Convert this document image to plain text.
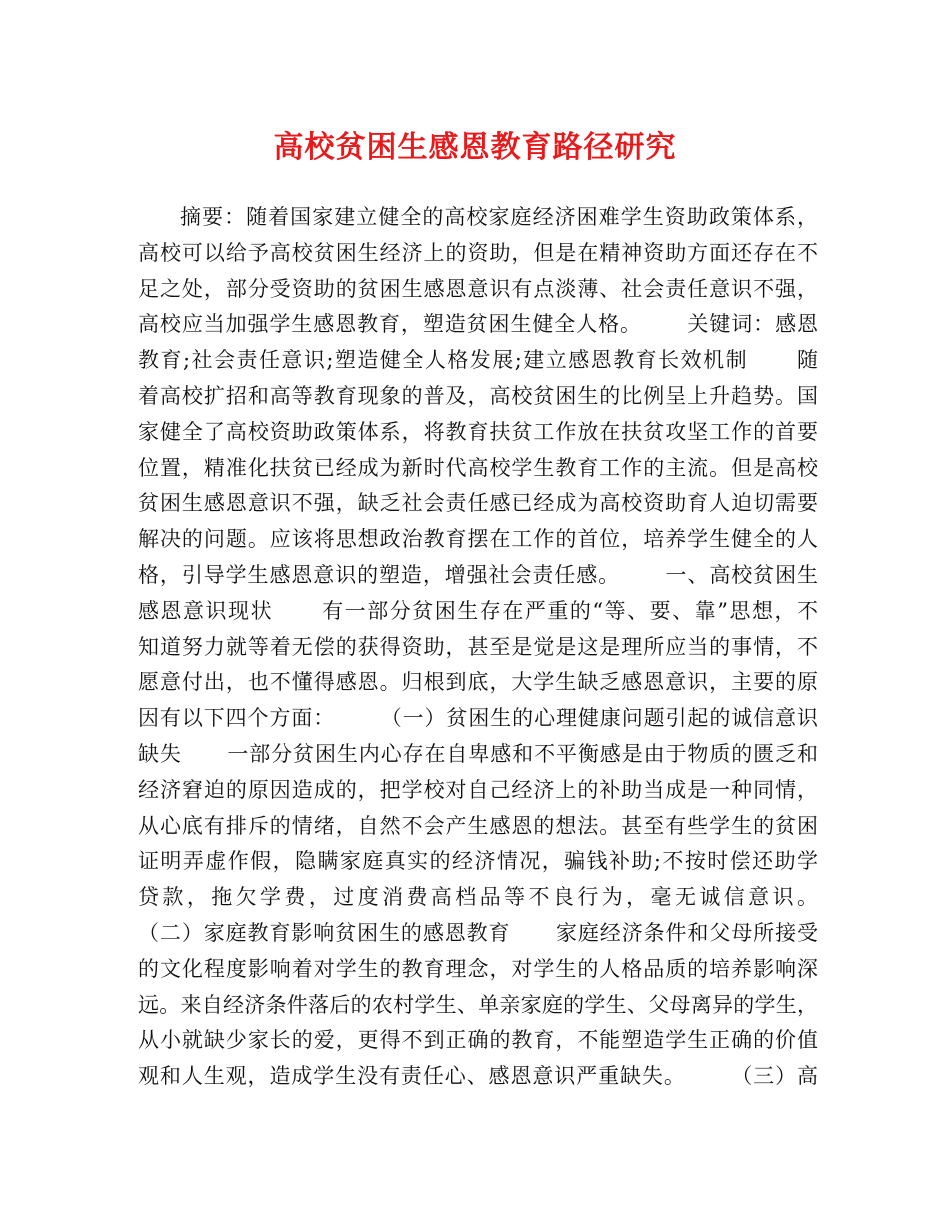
高校贫困生感恩教育路径研究
摘要：随着国家建立健全的高校家庭经济困难学生资助政策体系，
高校可以给予高校贫困生经济上的资助，但是在精神资助方面还存在不
足之处，部分受资助的贫困生感恩意识有点淡薄、社会责任意识不强，
高校应当加强学生感恩教育，塑造贫困生健全人格。      关键词：感恩
教育;社会责任意识;塑造健全人格发展;建立感恩教育长效机制      随
着高校扩招和高等教育现象的普及，高校贫困生的比例呈上升趋势。国
家健全了高校资助政策体系，将教育扶贫工作放在扶贫攻坚工作的首要
位置，精准化扶贫已经成为新时代高校学生教育工作的主流。但是高校
贫困生感恩意识不强，缺乏社会责任感已经成为高校资助育人迫切需要
解决的问题。应该将思想政治教育摆在工作的首位，培养学生健全的人
格，引导学生感恩意识的塑造，增强社会责任感。      一、高校贫困生
感恩意识现状      有一部分贫困生存在严重的“等、要、靠”思想，不
知道努力就等着无偿的获得资助，甚至是觉是这是理所应当的事情，不
愿意付出，也不懂得感恩。归根到底，大学生缺乏感恩意识，主要的原
因有以下四个方面：      （一）贫困生的心理健康问题引起的诚信意识
缺失      一部分贫困生内心存在自卑感和不平衡感是由于物质的匮乏和
经济窘迫的原因造成的，把学校对自己经济上的补助当成是一种同情，
从心底有排斥的情绪，自然不会产生感恩的想法。甚至有些学生的贫困
证明弄虚作假，隐瞒家庭真实的经济情况，骗钱补助;不按时偿还助学
贷款，拖欠学费，过度消费高档品等不良行为，毫无诚信意识。
（二）家庭教育影响贫困生的感恩教育      家庭经济条件和父母所接受
的文化程度影响着对学生的教育理念，对学生的人格品质的培养影响深
远。来自经济条件落后的农村学生、单亲家庭的学生、父母离异的学生，
从小就缺少家长的爱，更得不到正确的教育，不能塑造学生正确的价值
观和人生观，造成学生没有责任心、感恩意识严重缺失。      （三）高
